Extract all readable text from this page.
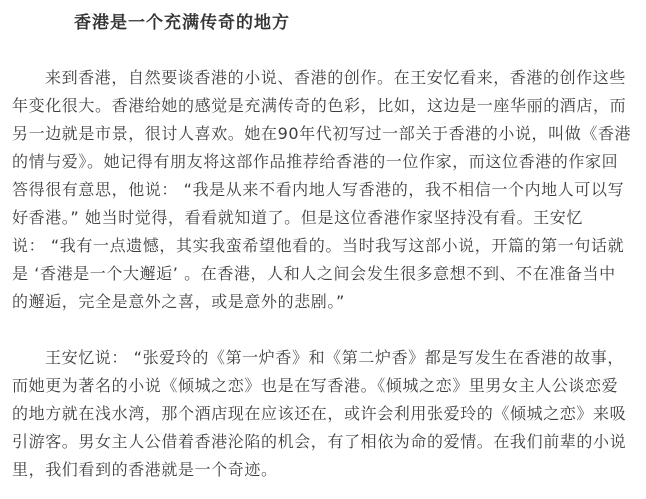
香港是一个充满传奇的地方
来到香港，自然要谈香港的小说、香港的创作。在王安忆看来，香港的创作这些
年变化很大。香港给她的感觉是充满传奇的色彩，比如，这边是一座华丽的酒店，而
另一边就是市景，很讨人喜欢。她在90年代初写过一部关于香港的小说，叫做《香港
的情与爱》。她记得有朋友将这部作品推荐给香港的一位作家，而这位香港的作家回
答得很有意思，他说： “我是从来不看内地人写香港的，我不相信一个内地人可以写
好香港。” 她当时觉得，看看就知道了。但是这位香港作家坚持没有看。王安忆
说： “我有一点遗憾，其实我蛮希望他看的。当时我写这部小说，开篇的第一句话就
是 ‘香港是一个大邂逅’ 。在香港，人和人之间会发生很多意想不到、不在准备当中
的邂逅，完全是意外之喜，或是意外的悲剧。”
王安忆说： “张爱玲的《第一炉香》和《第二炉香》都是写发生在香港的故事，
而她更为著名的小说《倾城之恋》也是在写香港。《倾城之恋》里男女主人公谈恋爱
的地方就在浅水湾，那个酒店现在应该还在，或许会利用张爱玲的《倾城之恋》来吸
引游客。男女主人公借着香港沦陷的机会，有了相依为命的爱情。在我们前辈的小说
里，我们看到的香港就是一个奇迹。
